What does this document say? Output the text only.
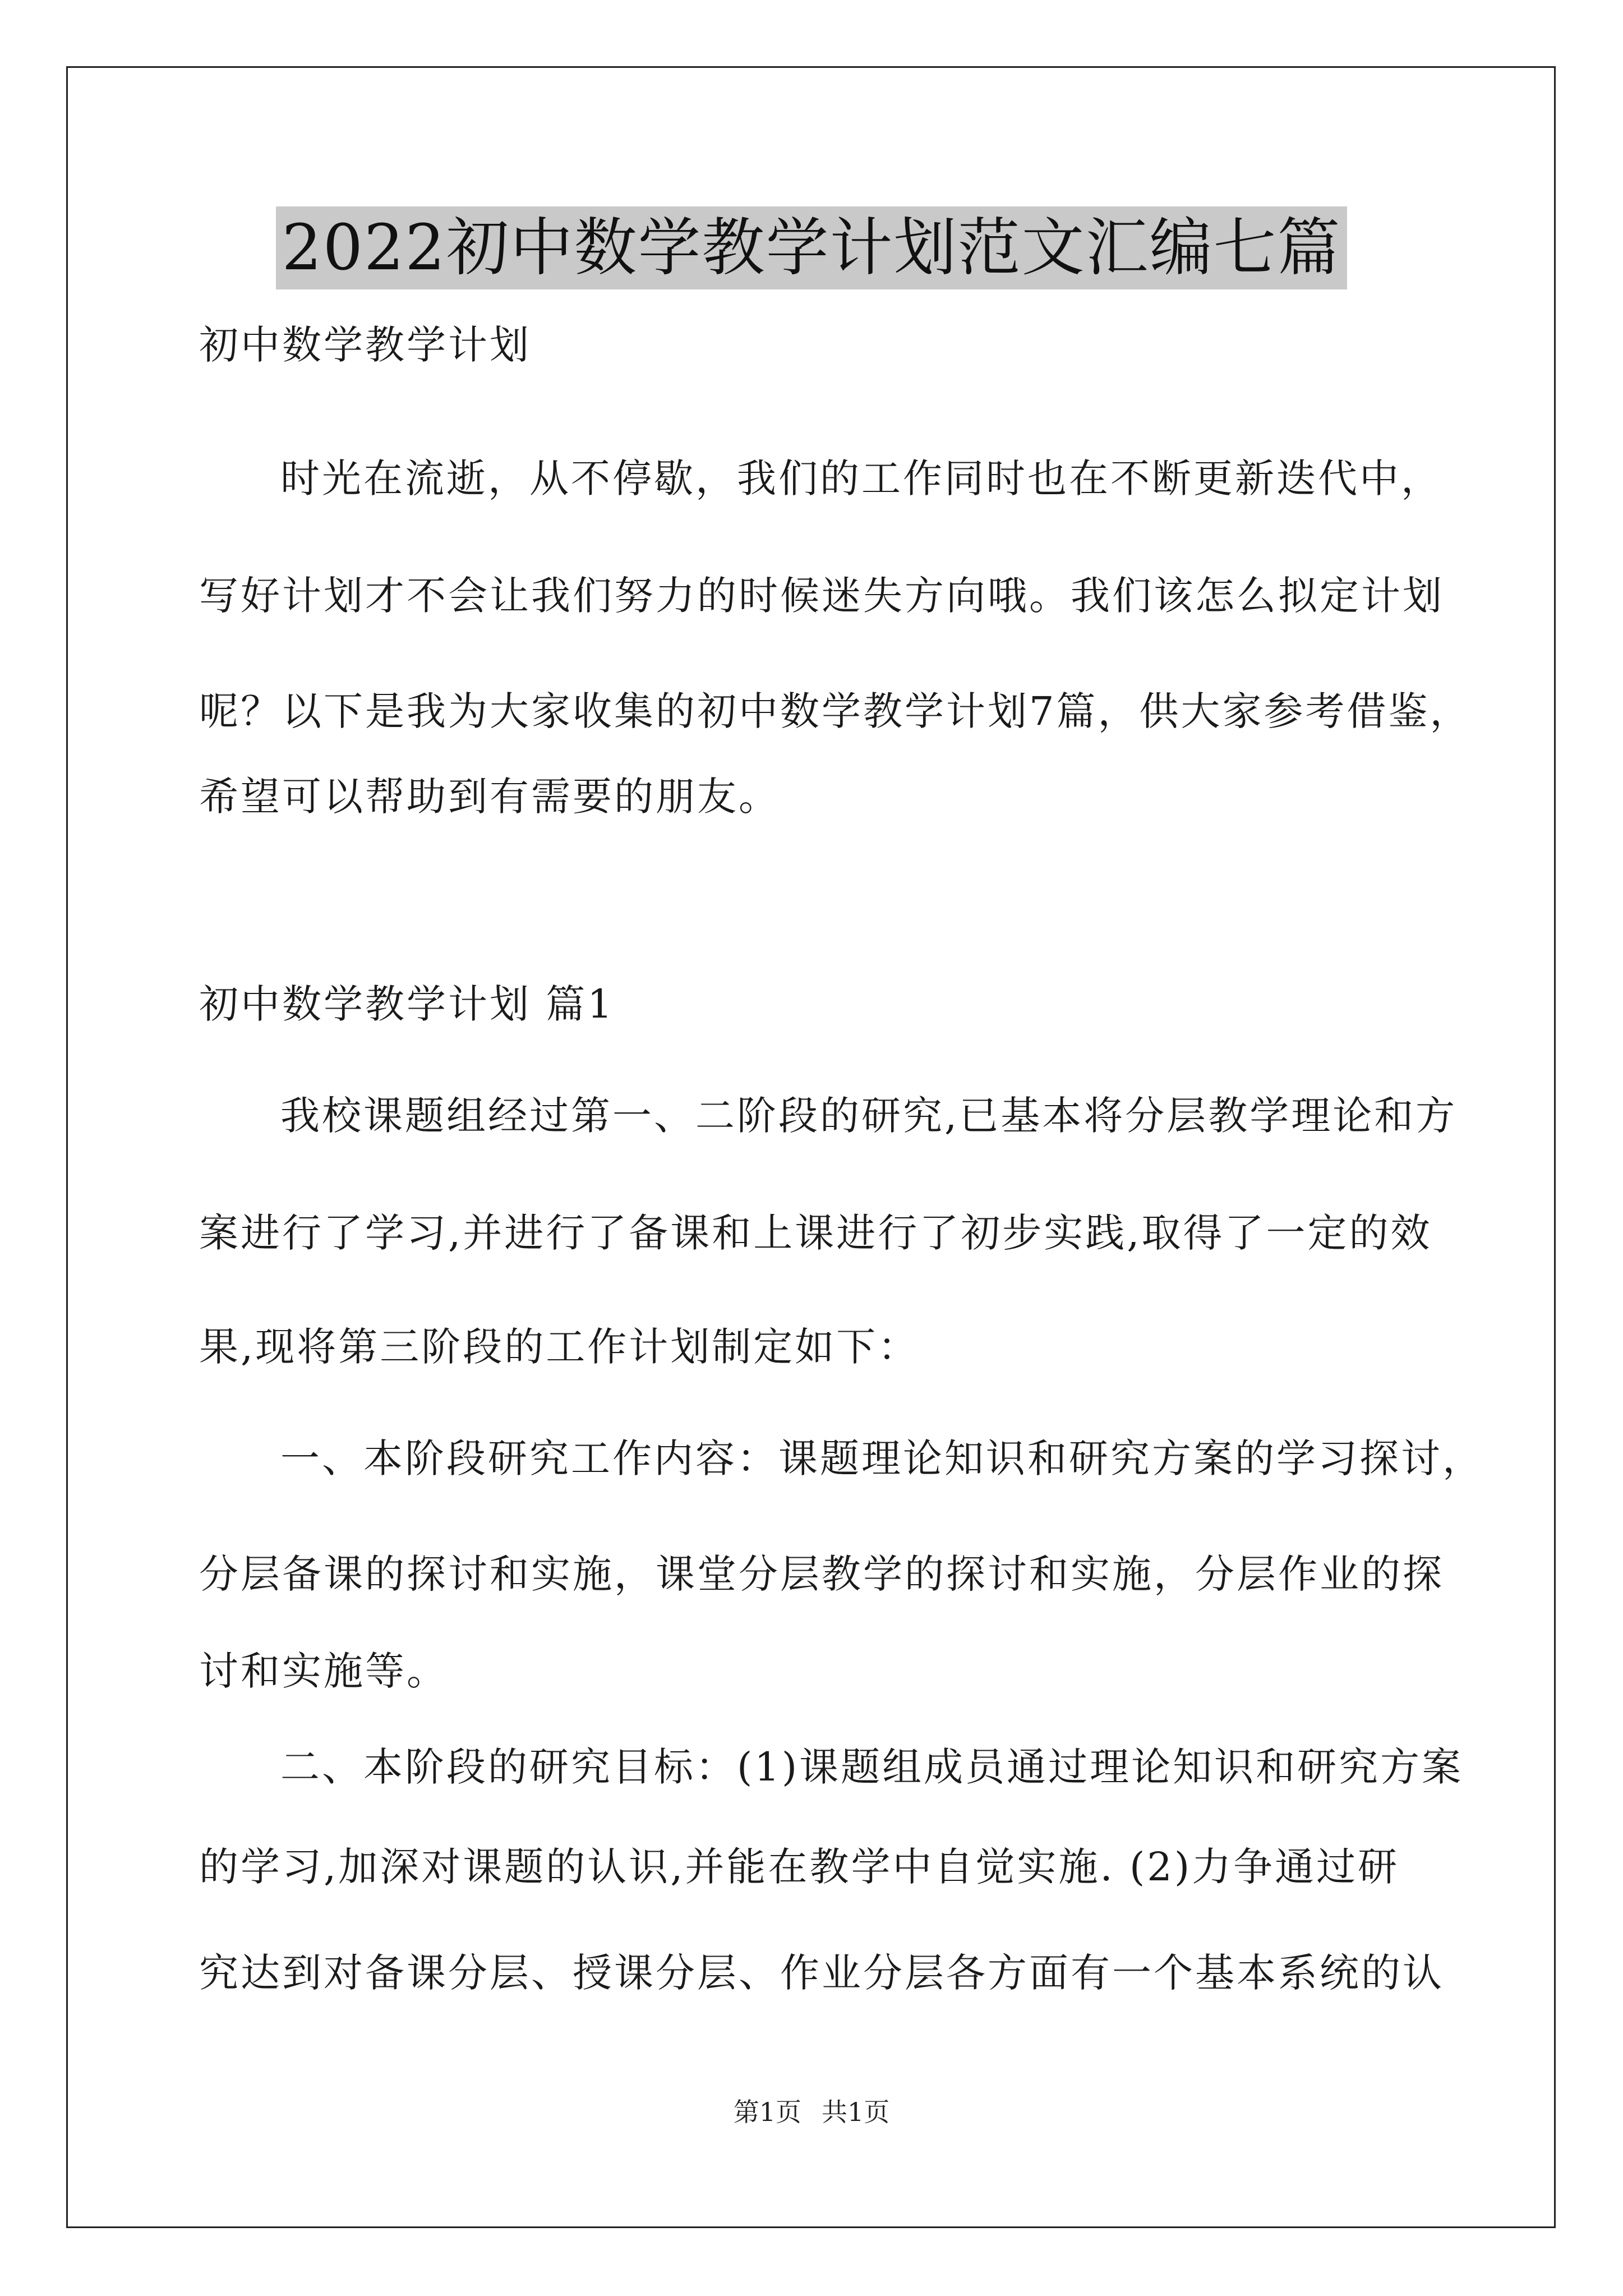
2022初中数学教学计划范文汇编七篇
初中数学教学计划
时光在流逝，从不停歇，我们的工作同时也在不断更新迭代中，
写好计划才不会让我们努力的时候迷失方向哦。我们该怎么拟定计划
呢？以下是我为大家收集的初中数学教学计划7篇，供大家参考借鉴，
希望可以帮助到有需要的朋友。
初中数学教学计划 篇1
我校课题组经过第一、二阶段的研究,已基本将分层教学理论和方
案进行了学习,并进行了备课和上课进行了初步实践,取得了一定的效
果,现将第三阶段的工作计划制定如下：
一、本阶段研究工作内容：课题理论知识和研究方案的学习探讨，
分层备课的探讨和实施，课堂分层教学的探讨和实施，分层作业的探
讨和实施等。
二、本阶段的研究目标：(1)课题组成员通过理论知识和研究方案
的学习,加深对课题的认识,并能在教学中自觉实施. (2)力争通过研
究达到对备课分层、授课分层、作业分层各方面有一个基本系统的认
第1页 共1页
